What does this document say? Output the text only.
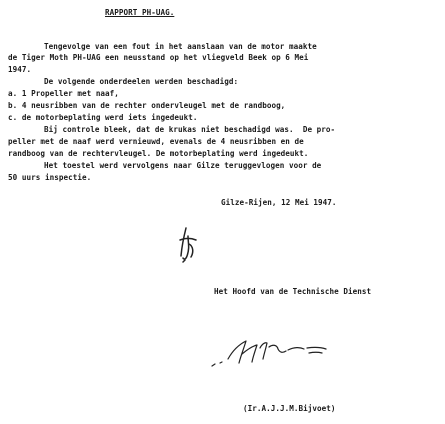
RAPPORT PH-UAG.
Tengevolge van een fout in het aanslaan van de motor maakte
de Tiger Moth PH-UAG een neusstand op het vliegveld Beek op 6 Mei
1947.
De volgende onderdeelen werden beschadigd:
a. 1 Propeller met naaf,
b. 4 neusribben van de rechter ondervleugel met de randboog,
c. de motorbeplating werd iets ingedeukt.
Bij controle bleek, dat de krukas niet beschadigd was.  De pro-
peller met de naaf werd vernieuwd, evenals de 4 neusribben en de
randboog van de rechtervleugel. De motorbeplating werd ingedeukt.
Het toestel werd vervolgens naar Gilze teruggevlogen voor de
50 uurs inspectie.
Gilze-Rijen, 12 Mei 1947.
Het Hoofd van de Technische Dienst
(Ir.A.J.J.M.Bijvoet)
